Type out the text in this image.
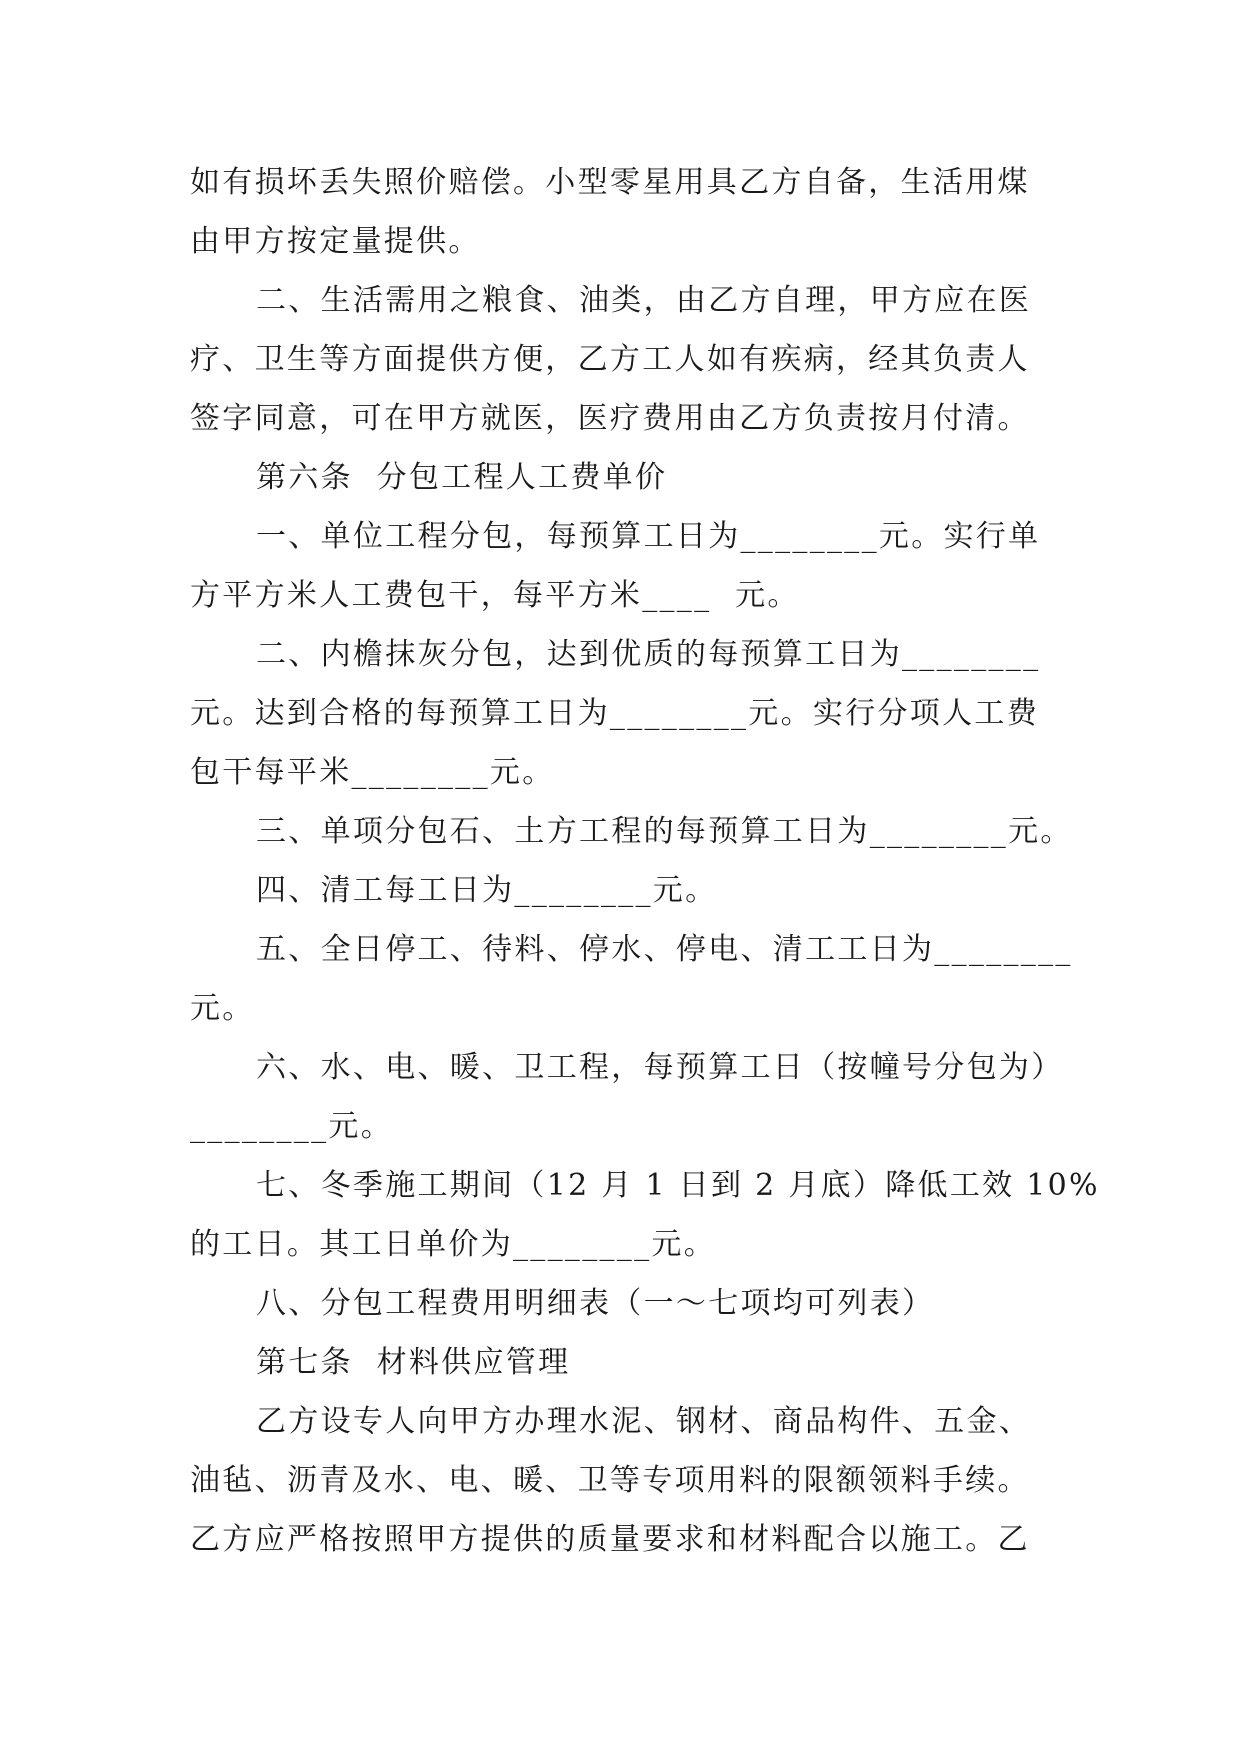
如有损坏丢失照价赔偿。小型零星用具乙方自备，生活用煤
由甲方按定量提供。
二、生活需用之粮食、油类，由乙方自理，甲方应在医
疗、卫生等方面提供方便，乙方工人如有疾病，经其负责人
签字同意，可在甲方就医，医疗费用由乙方负责按月付清。
第六条  分包工程人工费单价
一、单位工程分包，每预算工日为________元。实行单
方平方米人工费包干，每平方米____  元。
二、内檐抹灰分包，达到优质的每预算工日为________
元。达到合格的每预算工日为________元。实行分项人工费
包干每平米________元。
三、单项分包石、土方工程的每预算工日为________元。
四、清工每工日为________元。
五、全日停工、待料、停水、停电、清工工日为________
元。
六、水、电、暖、卫工程，每预算工日（按幢号分包为）
________元。
七、冬季施工期间（12 月 1 日到 2 月底）降低工效 10%
的工日。其工日单价为________元。
八、分包工程费用明细表（一～七项均可列表）
第七条  材料供应管理
乙方设专人向甲方办理水泥、钢材、商品构件、五金、
油毡、沥青及水、电、暖、卫等专项用料的限额领料手续。
乙方应严格按照甲方提供的质量要求和材料配合以施工。乙
